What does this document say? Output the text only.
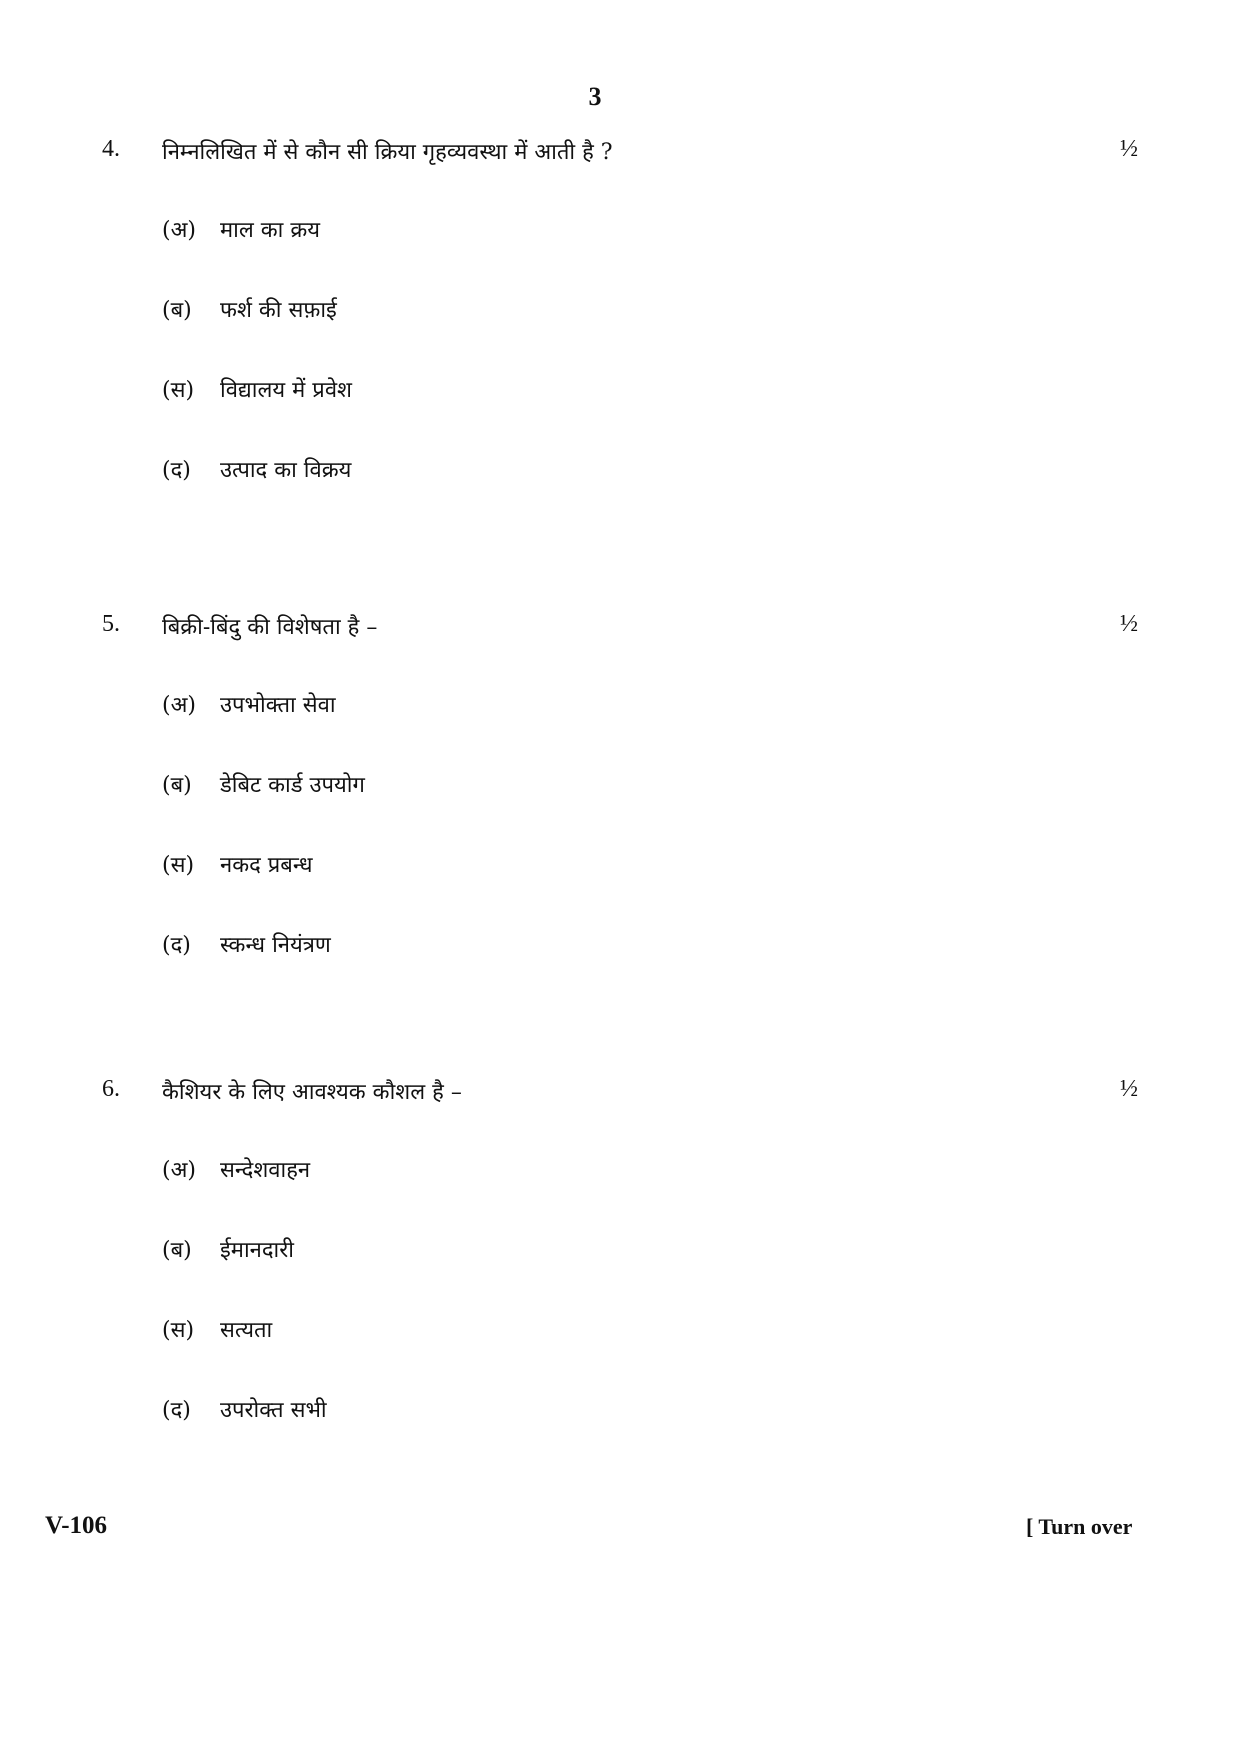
3
4. निम्नलिखित में से कौन सी क्रिया गृहव्यवस्था में आती है ?	½
(अ) माल का क्रय
(ब) फर्श की सफ़ाई
(स) विद्यालय में प्रवेश
(द) उत्पाद का विक्रय
5. बिक्री-बिंदु की विशेषता है –	½
(अ) उपभोक्ता सेवा
(ब) डेबिट कार्ड उपयोग
(स) नकद प्रबन्ध
(द) स्कन्ध नियंत्रण
6. कैशियर के लिए आवश्यक कौशल है –	½
(अ) सन्देशवाहन
(ब) ईमानदारी
(स) सत्यता
(द) उपरोक्त सभी
V-106	[ Turn over
